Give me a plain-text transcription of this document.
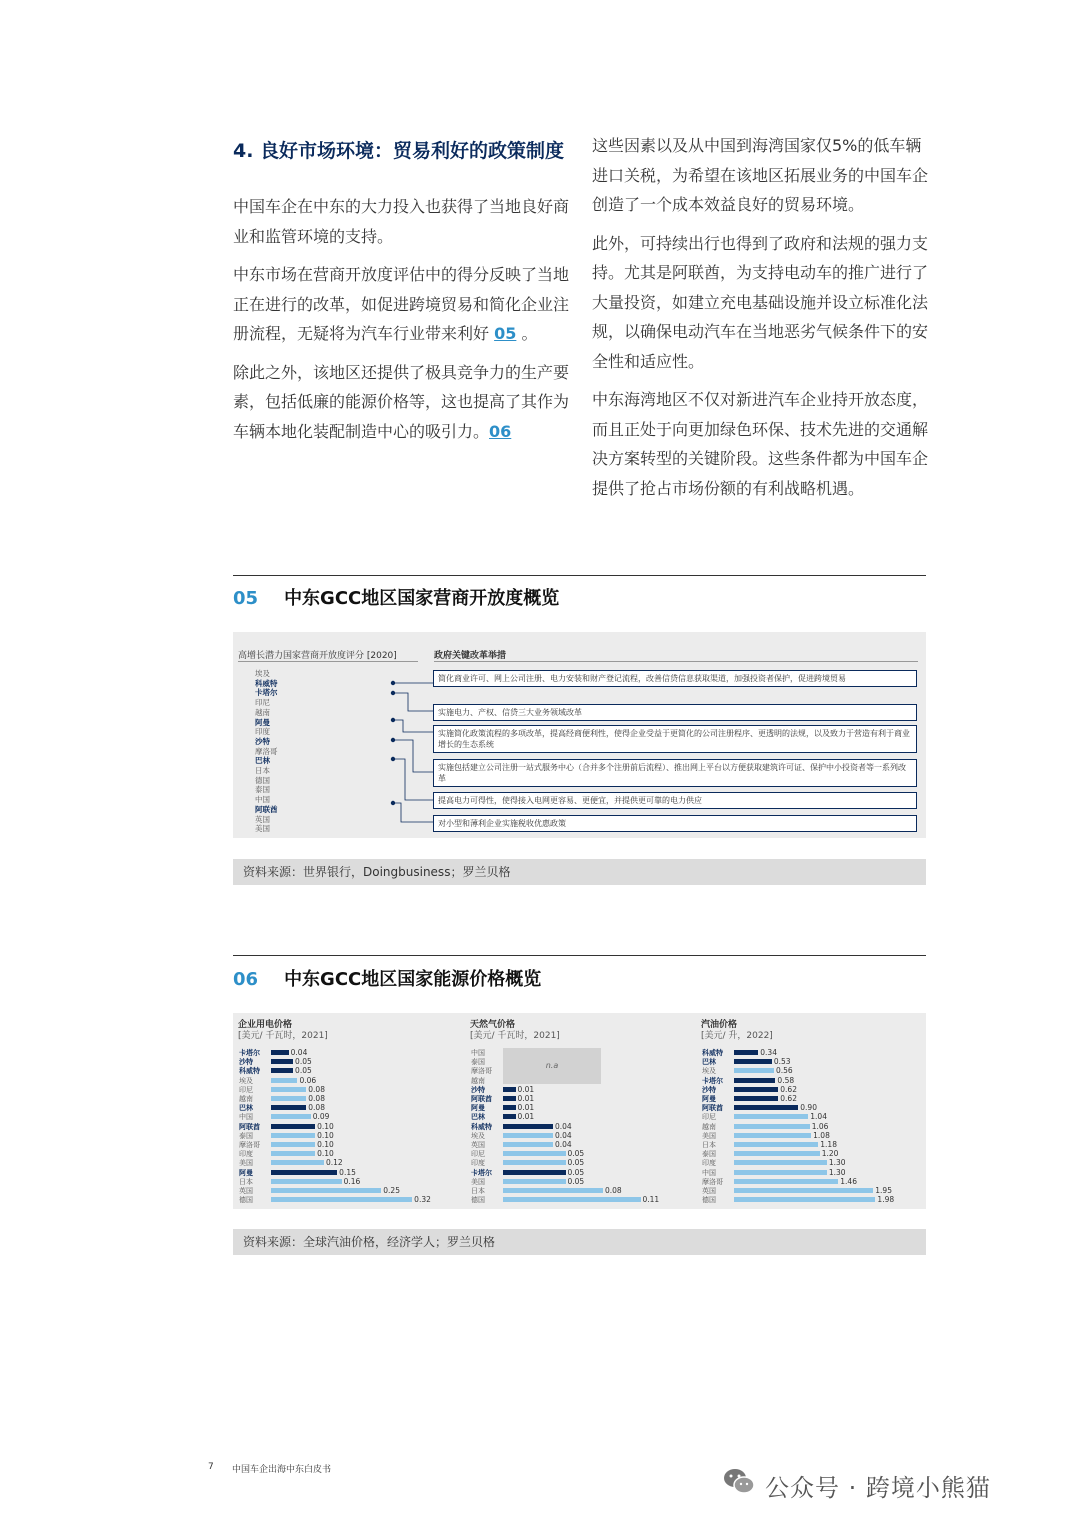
4. 良好市场环境：贸易利好的政策制度

中国车企在中东的大力投入也获得了当地良好商业和监管环境的支持。

中东市场在营商开放度评估中的得分反映了当地正在进行的改革，如促进跨境贸易和简化企业注册流程，无疑将为汽车行业带来利好 05 。

除此之外，该地区还提供了极具竞争力的生产要素，包括低廉的能源价格等，这也提高了其作为车辆本地化装配制造中心的吸引力。06

这些因素以及从中国到海湾国家仅5%的低车辆进口关税，为希望在该地区拓展业务的中国车企创造了一个成本效益良好的贸易环境。

此外，可持续出行也得到了政府和法规的强力支持。尤其是阿联酋，为支持电动车的推广进行了大量投资，如建立充电基础设施并设立标准化法规，以确保电动汽车在当地恶劣气候条件下的安全性和适应性。

中东海湾地区不仅对新进汽车企业持开放态度，而且正处于向更加绿色环保、技术先进的交通解决方案转型的关键阶段。这些条件都为中国车企提供了抢占市场份额的有利战略机遇。

05 中东GCC地区国家营商开放度概览
高增长潜力国家营商开放度评分 [2020]	政府关键改革举措
埃及
科威特
卡塔尔
印尼
越南
阿曼
印度
沙特
摩洛哥
巴林
日本
德国
泰国
中国
阿联酋
英国
美国
简化商业许可、网上公司注册、电力安装和财产登记流程，改善信贷信息获取渠道，加强投资者保护，促进跨境贸易
实施电力、产权、信贷三大业务领域改革
实施简化政策流程的多项改革，提高经商便利性，使得企业受益于更简化的公司注册程序、更透明的法规，以及致力于营造有利于商业增长的生态系统
实施包括建立公司注册一站式服务中心（合并多个注册前后流程）、推出网上平台以方便获取建筑许可证、保护中小投资者等一系列改革
提高电力可得性，使得接入电网更容易、更便宜，并提供更可靠的电力供应
对小型和薄利企业实施税收优惠政策
资料来源：世界银行，Doingbusiness；罗兰贝格
06 中东GCC地区国家能源价格概览
企业用电价格
[美元/ 千瓦时，2021]
卡塔尔	0.04
沙特	0.05
科威特	0.05
埃及	0.06
印尼	0.08
越南	0.08
巴林	0.08
中国	0.09
阿联酋	0.10
泰国	0.10
摩洛哥	0.10
印度	0.10
美国	0.12
阿曼	0.15
日本	0.16
英国	0.25
德国	0.32
天然气价格
[美元/ 千瓦时，2021]
中国
泰国
摩洛哥
越南
n.a
沙特	0.01
阿联酋	0.01
阿曼	0.01
巴林	0.01
科威特	0.04
埃及	0.04
英国	0.04
印尼	0.05
印度	0.05
卡塔尔	0.05
美国	0.05
日本	0.08
德国	0.11
汽油价格
[美元/ 升，2022]
科威特	0.34
巴林	0.53
埃及	0.56
卡塔尔	0.58
沙特	0.62
阿曼	0.62
阿联酋	0.90
印尼	1.04
越南	1.06
美国	1.08
日本	1.18
泰国	1.20
印度	1.30
中国	1.30
摩洛哥	1.46
英国	1.95
德国	1.98
资料来源：全球汽油价格，经济学人；罗兰贝格
7 中国车企出海中东白皮书
公众号 · 跨境小熊猫
